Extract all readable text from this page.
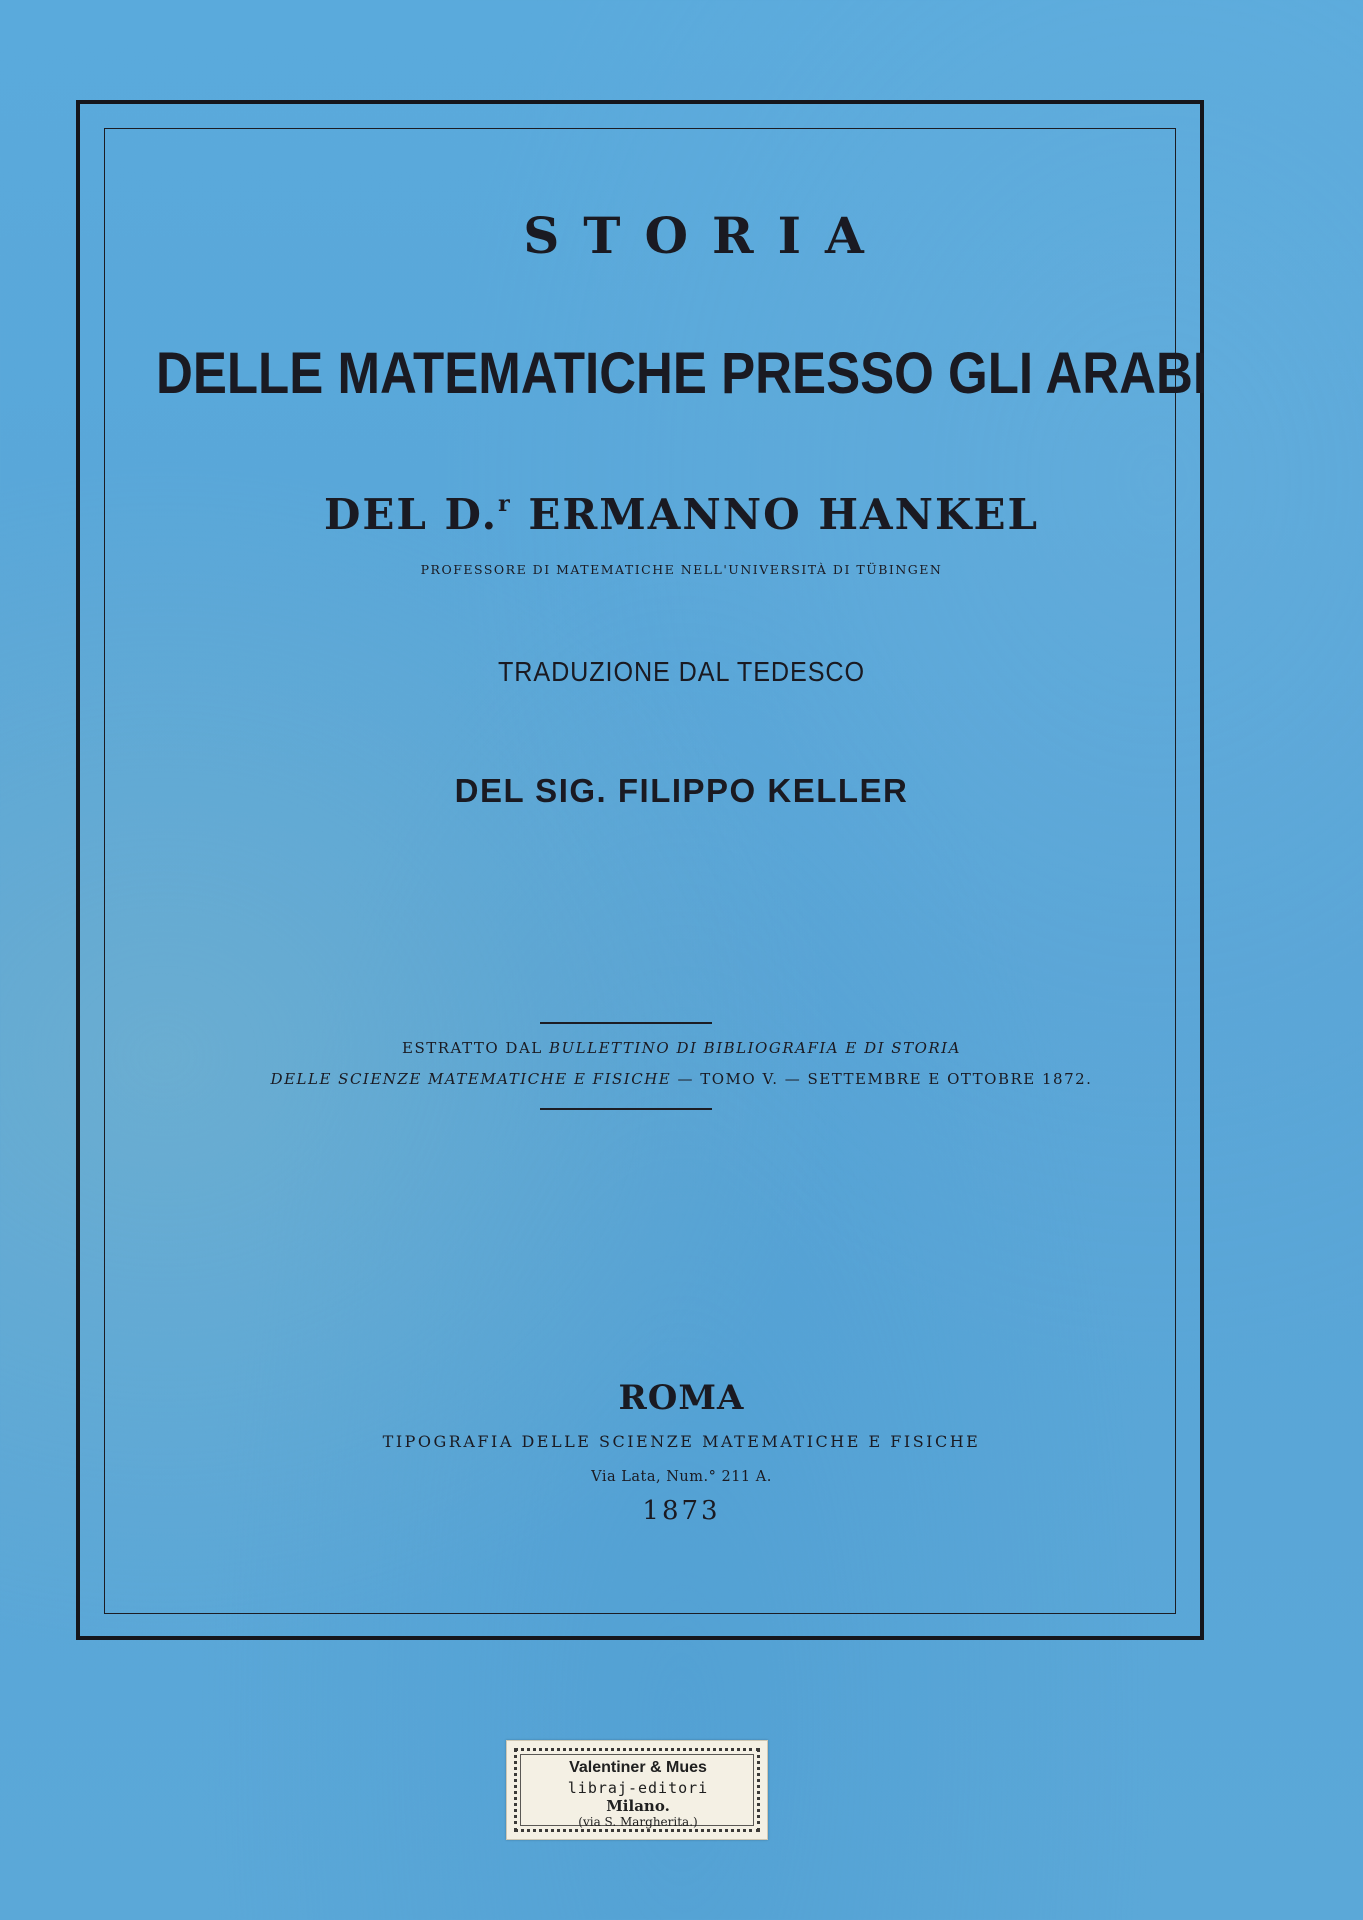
STORIA
DELLE MATEMATICHE PRESSO GLI ARABI
DEL D.$^r$ ERMANNO HANKEL
PROFESSORE DI MATEMATICHE NELL'UNIVERSITÀ DI TÜBINGEN
TRADUZIONE DAL TEDESCO
DEL SIG. FILIPPO KELLER
ESTRATTO DAL BULLETTINO DI BIBLIOGRAFIA E DI STORIA
DELLE SCIENZE MATEMATICHE E FISICHE — TOMO V. — SETTEMBRE E OTTOBRE 1872.
ROMA
TIPOGRAFIA DELLE SCIENZE MATEMATICHE E FISICHE
Via Lata, Num.° 211 A.
1873
Valentiner & Mues
libraj-editori
Milano.
(via S. Margherita.)
